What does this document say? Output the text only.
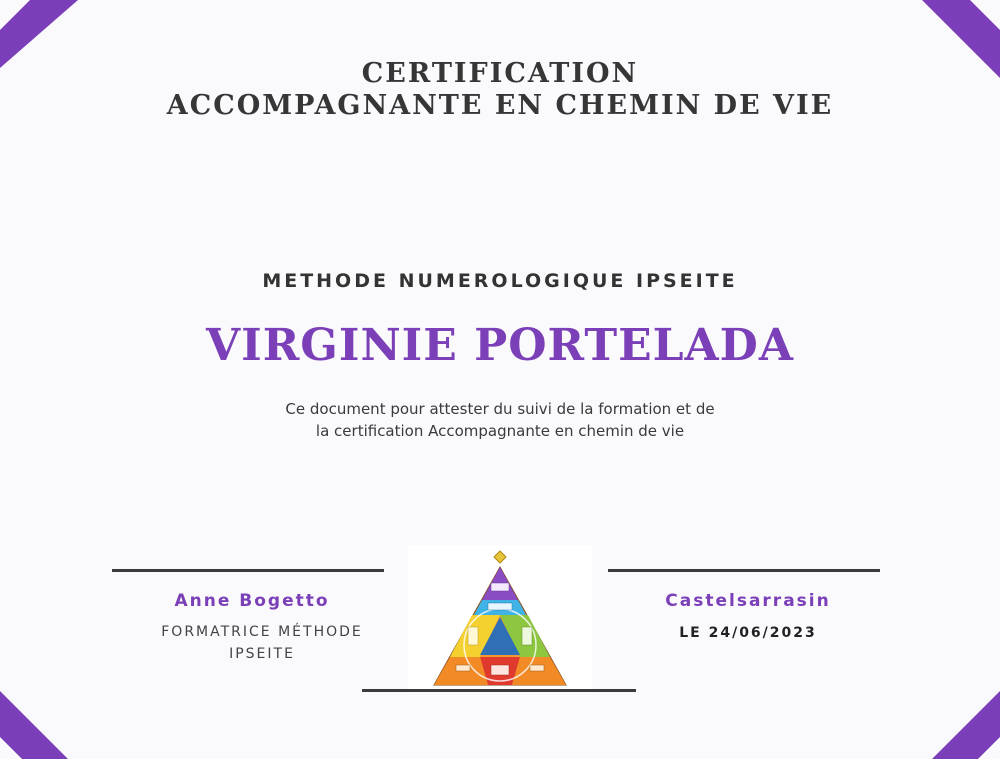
CERTIFICATION
ACCOMPAGNANTE EN CHEMIN DE VIE
METHODE NUMEROLOGIQUE IPSEITE
VIRGINIE PORTELADA
Ce document pour attester du suivi de la formation et de
la certification Accompagnante en chemin de vie
Anne Bogetto
FORMATRICE MÉTHODE
IPSEITE
Castelsarrasin
LE 24/06/2023
